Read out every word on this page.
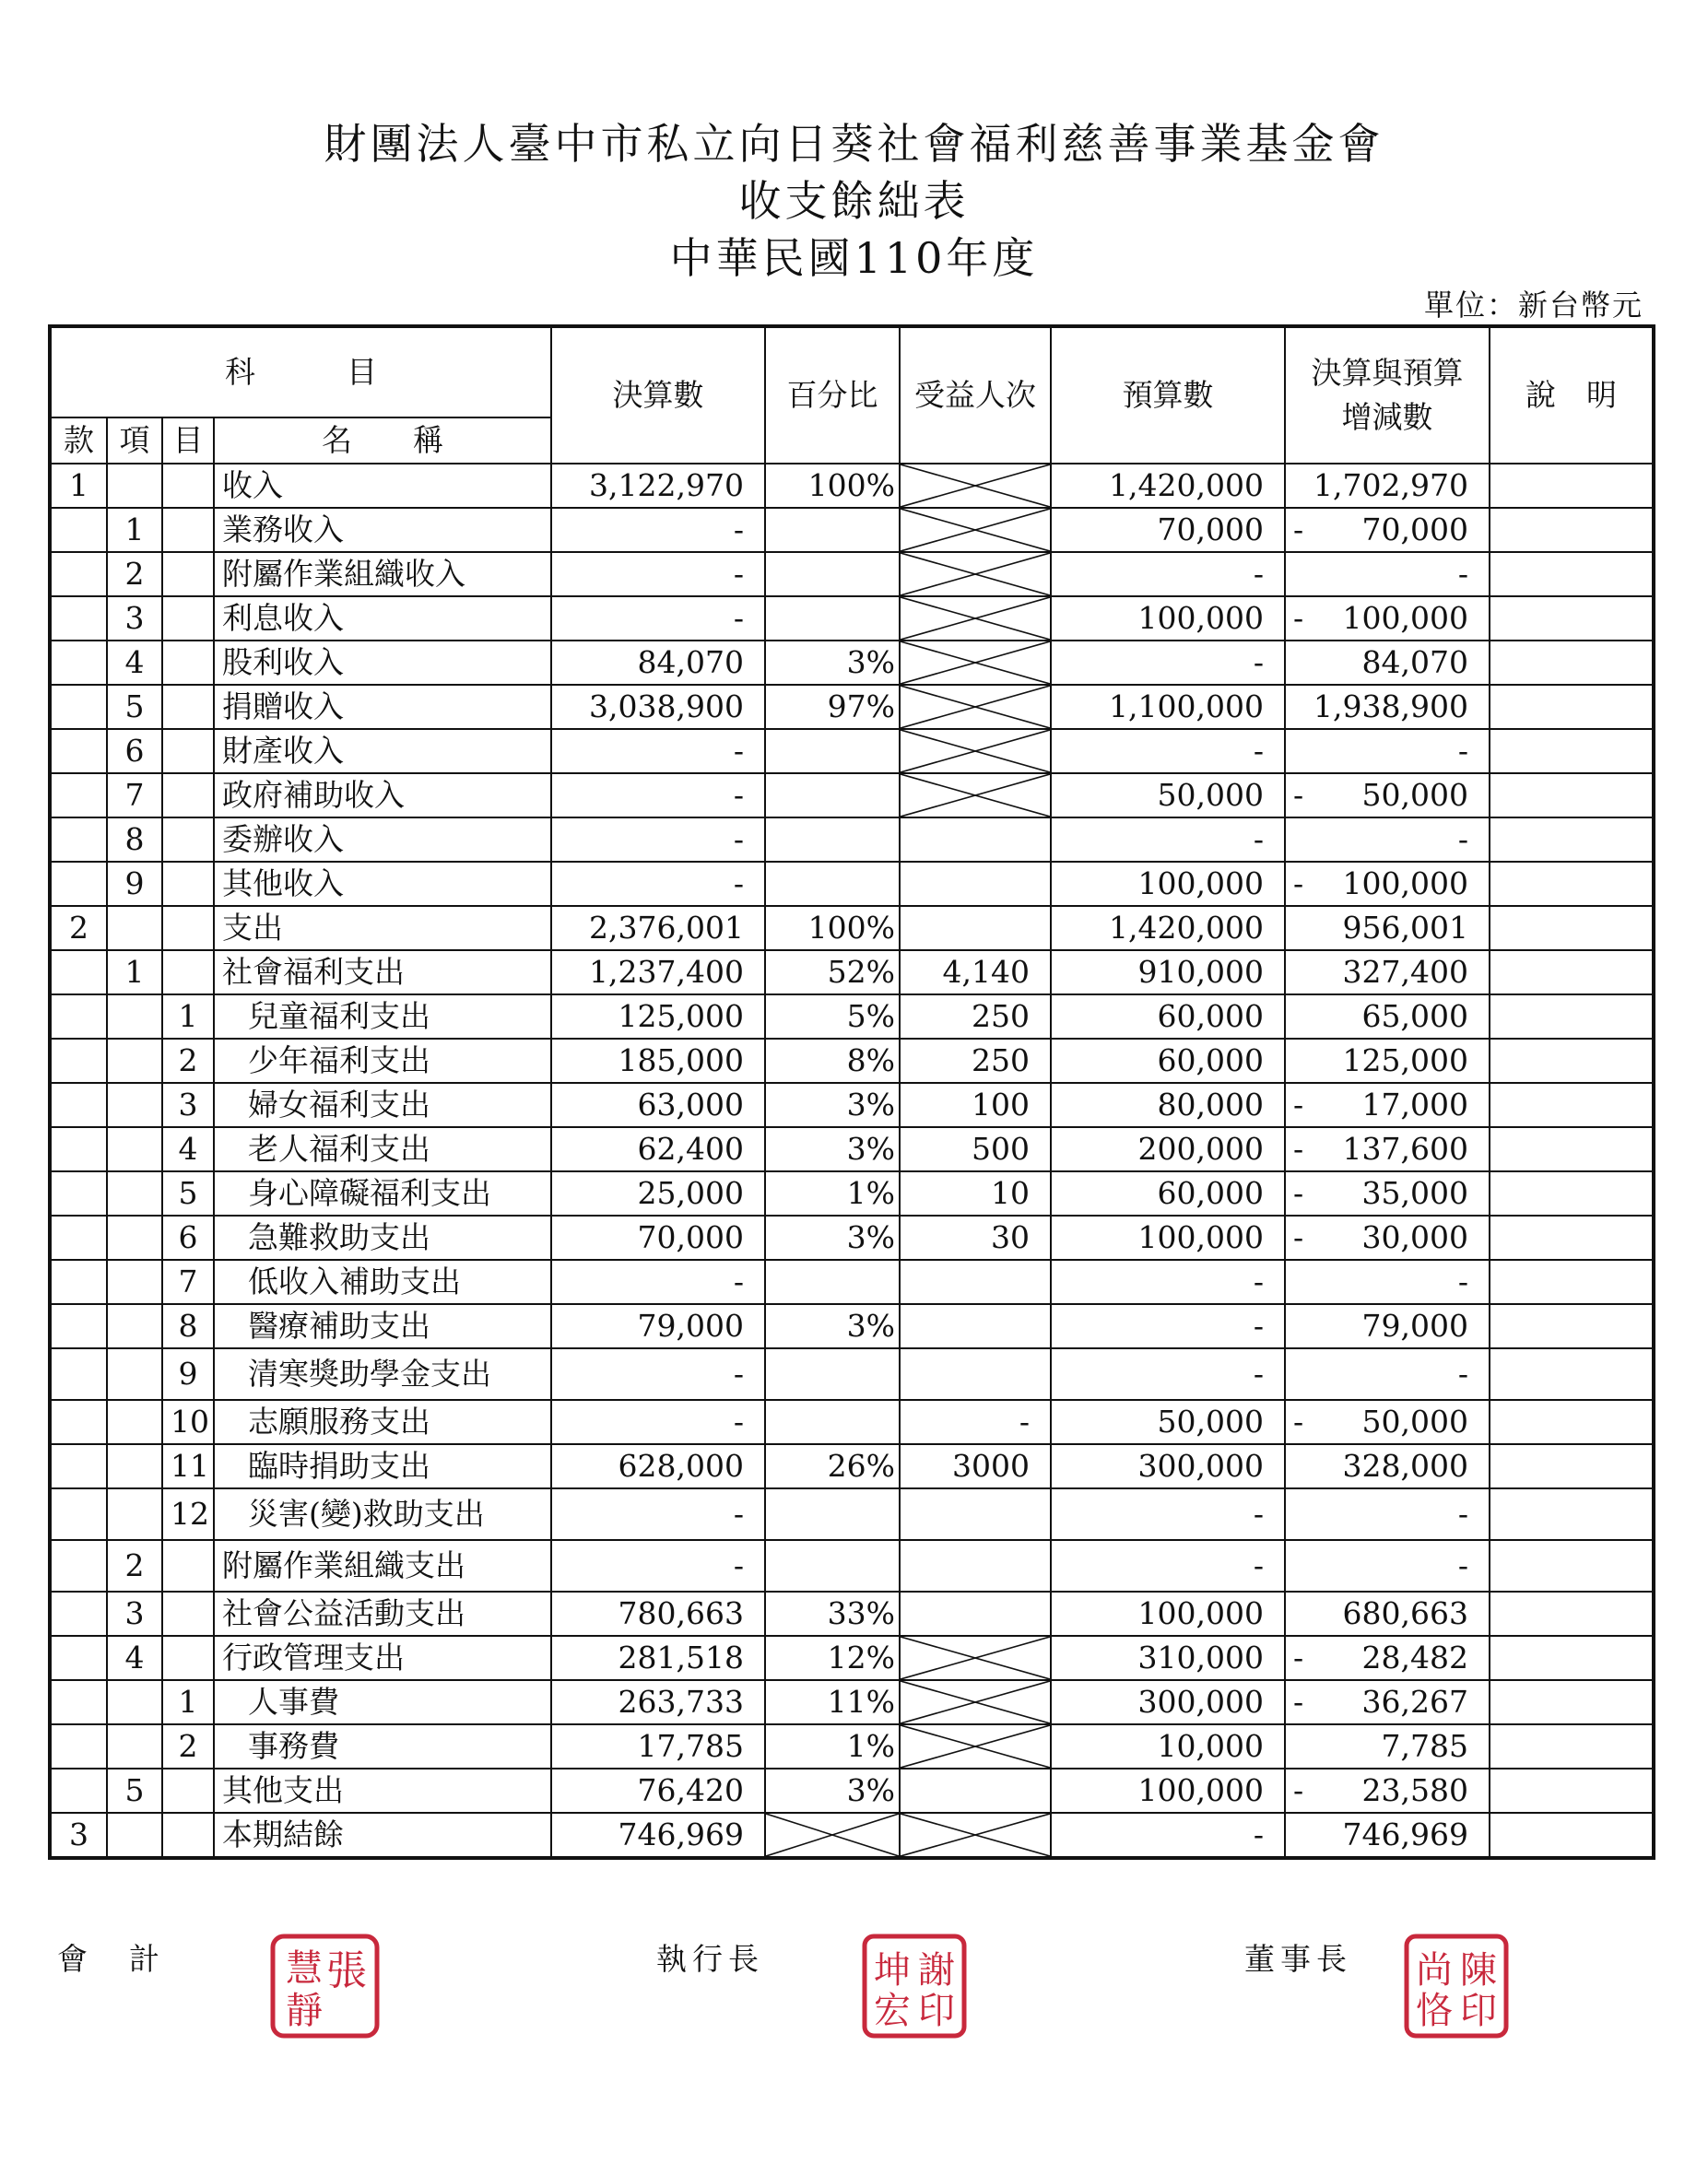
財團法人臺中市私立向日葵社會福利慈善事業基金會
收支餘絀表
中華民國110年度
單位：新台幣元
科　　　目				決算數	百分比	受益人次	預算數	決算與預算
增減數	說　明
款	項	目	名　　稱						
1			收入	3,122,970	100%		1,420,000	1,702,970	

	1		業務收入	-			70,000	- 70,000	

	2		附屬作業組織收入	-			-	-	

	3		利息收入	-			100,000	- 100,000	

	4		股利收入	84,070	3%		-	84,070	

	5		捐贈收入	3,038,900	97%		1,100,000	1,938,900	

	6		財產收入	-			-	-	

	7		政府補助收入	-			50,000	- 50,000	

	8		委辦收入	-			-	-	

	9		其他收入	-			100,000	- 100,000	

2			支出	2,376,001	100%		1,420,000	956,001	

	1		社會福利支出	1,237,400	52%	4,140	910,000	327,400	

		1	兒童福利支出	125,000	5%	250	60,000	65,000	

		2	少年福利支出	185,000	8%	250	60,000	125,000	

		3	婦女福利支出	63,000	3%	100	80,000	- 17,000	

		4	老人福利支出	62,400	3%	500	200,000	- 137,600	

		5	身心障礙福利支出	25,000	1%	10	60,000	- 35,000	

		6	急難救助支出	70,000	3%	30	100,000	- 30,000	

		7	低收入補助支出	-			-	-	

		8	醫療補助支出	79,000	3%		-	79,000	

		9	清寒獎助學金支出	-			-	-	

		10	志願服務支出	-		-	50,000	- 50,000	

		11	臨時捐助支出	628,000	26%	3000	300,000	328,000	

		12	災害(變)救助支出	-			-	-	

	2		附屬作業組織支出	-			-	-	

	3		社會公益活動支出	780,663	33%		100,000	680,663	

	4		行政管理支出	281,518	12%		310,000	- 28,482	

		1	人事費	263,733	11%		300,000	- 36,267	

		2	事務費	17,785	1%		10,000	7,785	

	5		其他支出	76,420	3%		100,000	- 23,580	

3			本期結餘	746,969			-	746,969	

會　計	執行長	董事長
張
慧
靜
謝
坤
宏 印
陳
尚
恪 印
